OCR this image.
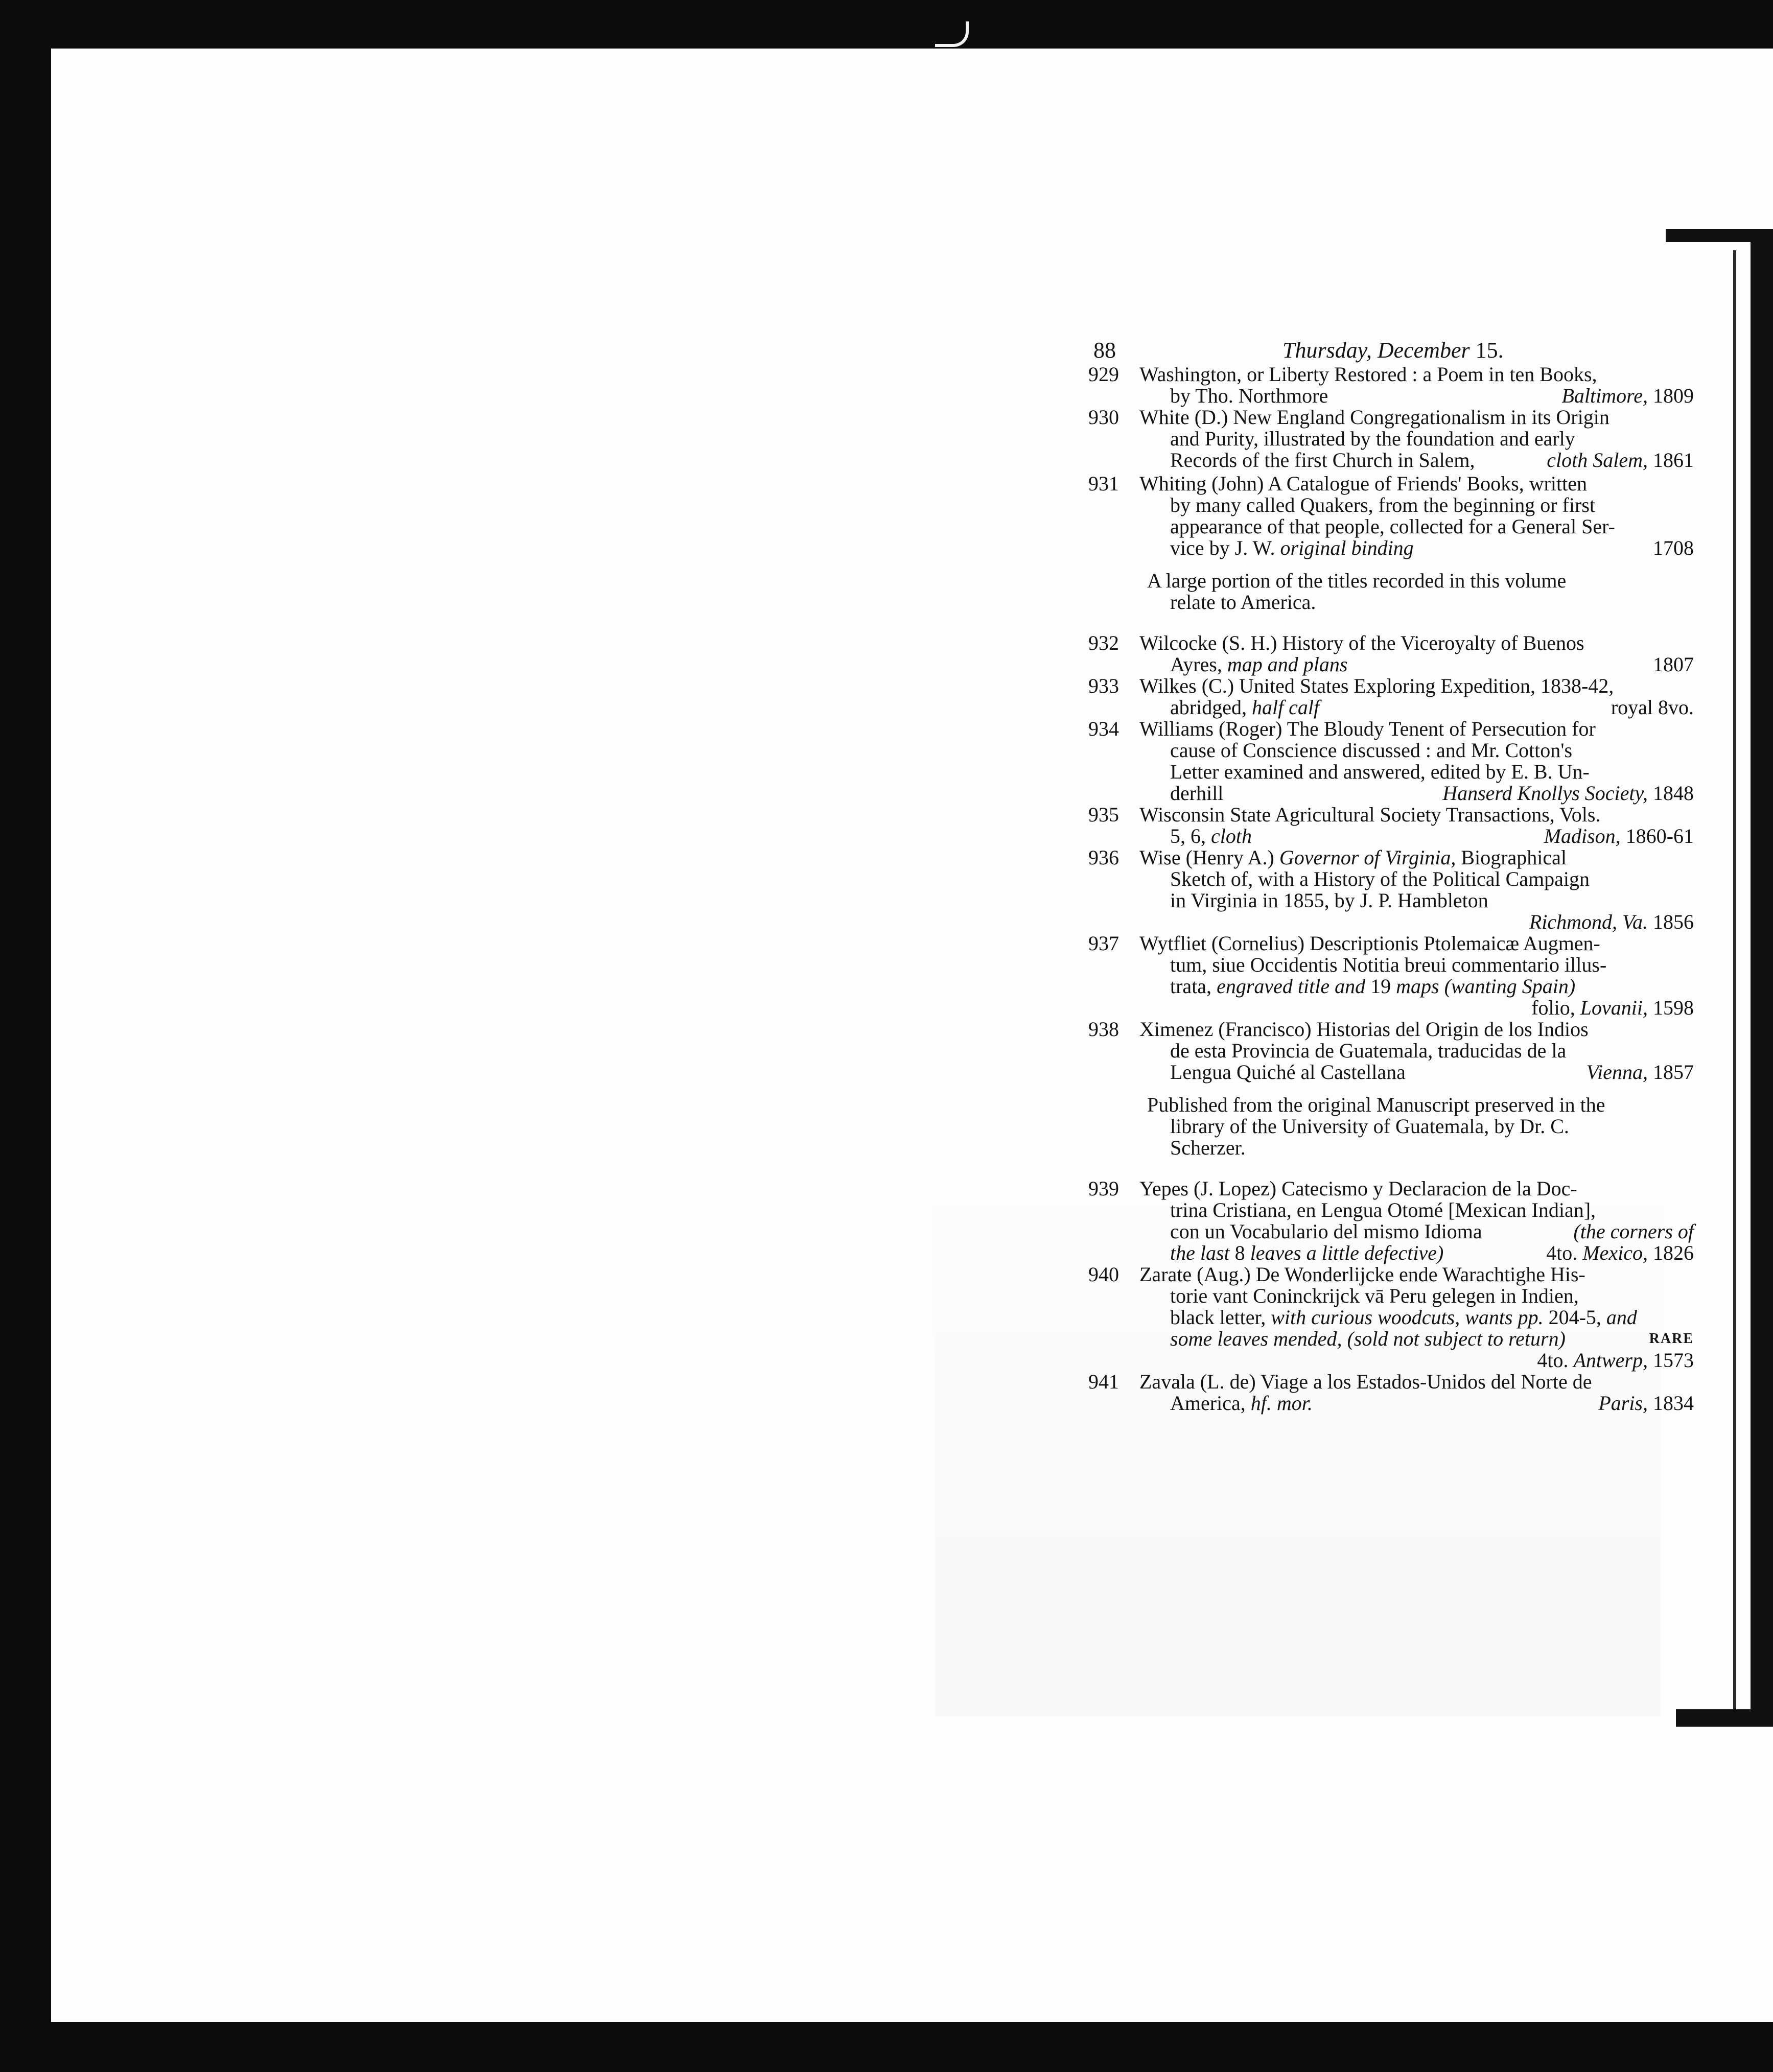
88	Thursday, December 15.
929	Washington, or Liberty Restored : a Poem in ten Books,
by Tho. Northmore	Baltimore, 1809
930	White (D.) New England Congregationalism in its Origin
and Purity, illustrated by the foundation and early
Records of the first Church in Salem,	cloth Salem, 1861
931	Whiting (John) A Catalogue of Friends' Books, written
by many called Quakers, from the beginning or first
appearance of that people, collected for a General Ser-
vice by J. W. original binding	1708
A large portion of the titles recorded in this volume
relate to America.
932	Wilcocke (S. H.) History of the Viceroyalty of Buenos
Ayres, map and plans	1807
933	Wilkes (C.) United States Exploring Expedition, 1838-42,
abridged, half calf	royal 8vo.
934	Williams (Roger) The Bloudy Tenent of Persecution for
cause of Conscience discussed : and Mr. Cotton's
Letter examined and answered, edited by E. B. Un-
derhill	Hanserd Knollys Society, 1848
935	Wisconsin State Agricultural Society Transactions, Vols.
5, 6, cloth	Madison, 1860-61
936	Wise (Henry A.) Governor of Virginia, Biographical
Sketch of, with a History of the Political Campaign
in Virginia in 1855, by J. P. Hambleton
Richmond, Va. 1856
937	Wytfliet (Cornelius) Descriptionis Ptolemaicæ Augmen-
tum, siue Occidentis Notitia breui commentario illus-
trata, engraved title and 19 maps (wanting Spain)
folio, Lovanii, 1598
938	Ximenez (Francisco) Historias del Origin de los Indios
de esta Provincia de Guatemala, traducidas de la
Lengua Quiché al Castellana	Vienna, 1857
Published from the original Manuscript preserved in the
library of the University of Guatemala, by Dr. C.
Scherzer.
939	Yepes (J. Lopez) Catecismo y Declaracion de la Doc-
trina Cristiana, en Lengua Otomé [Mexican Indian],
con un Vocabulario del mismo Idioma	(the corners of
the last 8 leaves a little defective)	4to. Mexico, 1826
940	Zarate (Aug.) De Wonderlijcke ende Warachtighe His-
torie vant Coninckrijck vā Peru gelegen in Indien,
black letter, with curious woodcuts, wants pp. 204-5, and
some leaves mended, (sold not subject to return)	RARE
4to. Antwerp, 1573
941	Zavala (L. de) Viage a los Estados-Unidos del Norte de
America, hf. mor.	Paris, 1834
